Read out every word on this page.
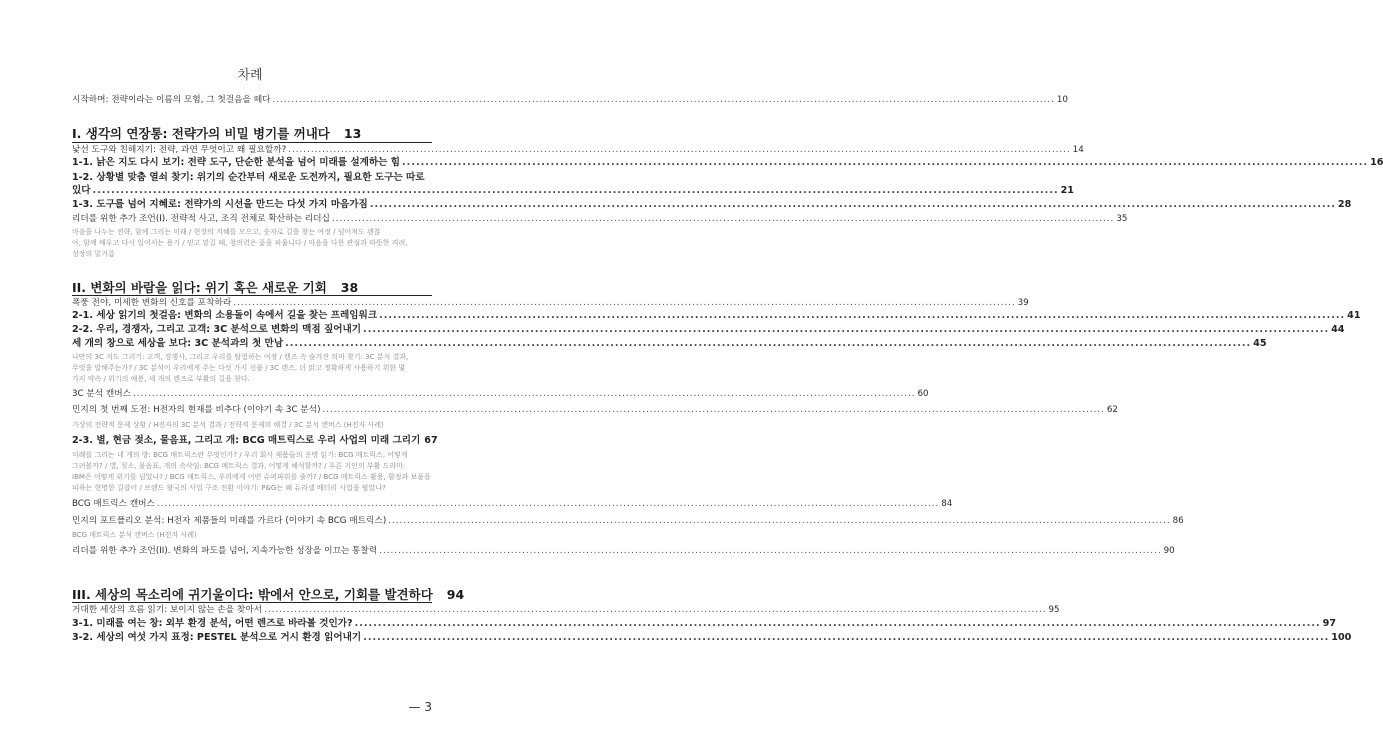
차례
시작하며: 전략이라는 이름의 모험, 그 첫걸음을 떼다 .....	10
I. 생각의 연장통: 전략가의 비밀 병기를 꺼내다 13
낯선 도구와 친해지기: 전략, 과연 무엇이고 왜 필요할까? .....	14
1-1. 낡은 지도 다시 보기: 전략 도구, 단순한 분석을 넘어 미래를 설계하는 힘 .....	16
1-2. 상황별 맞춤 열쇠 찾기: 위기의 순간부터 새로운 도전까지, 필요한 도구는 따로
있다 .....	21
1-3. 도구를 넘어 지혜로: 전략가의 시선을 만드는 다섯 가지 마음가짐 .....	28
리더를 위한 추가 조언(I). 전략적 사고, 조직 전체로 확산하는 리더십 .....	35
마음을 나누는 전략, 함께 그리는 미래 / 현장의 지혜를 모으고, 숫자로 길을 찾는 여정 / 넘어져도 괜찮
아, 함께 배우고 다시 일어서는 용기 / 믿고 맡길 때, 창의력은 꽃을 피웁니다 / 마음을 다한 관심과 따뜻한 격려,
성장의 밑거름
II. 변화의 바람을 읽다: 위기 혹은 새로운 기회 38
폭풍 전야, 미세한 변화의 신호를 포착하라 .....	39
2-1. 세상 읽기의 첫걸음: 변화의 소용돌이 속에서 길을 찾는 프레임워크 .....	41
2-2. 우리, 경쟁자, 그리고 고객: 3C 분석으로 변화의 맥점 짚어내기 .....	44
세 개의 창으로 세상을 보다: 3C 분석과의 첫 만남 .....	45
나만의 3C 지도 그리기: 고객, 경쟁사, 그리고 우리를 탐험하는 여정 / 렌즈 속 숨겨진 의미 찾기: 3C 분석 결과,
무엇을 말해주는가? / 3C 분석이 우리에게 주는 다섯 가지 선물 / 3C 렌즈, 더 맑고 정확하게 사용하기 위한 몇
가지 약속 / 위기의 예봉, 세 개의 렌즈로 부활의 길을 찾다.
3C 분석 캔버스 .....	60
민지의 첫 번째 도전: H전자의 현재를 비추다 (이야기 속 3C 분석) .....	62
가상의 전략적 문제 상황 / H전자의 3C 분석 결과 / 전략적 문제의 해결 / 3C 분석 캔버스 (H전자 사례)
2-3. 별, 현금 젖소, 물음표, 그리고 개: BCG 매트릭스로 우리 사업의 미래 그리기 67
미래를 그리는 네 개의 방: BCG 매트릭스란 무엇인가? / 우리 회사 제품들의 운명 읽기: BCG 매트릭스, 어떻게
그려볼까? / 별, 젖소, 물음표, 개의 속삭임: BCG 매트릭스 결과, 어떻게 해석할까? / 푸른 거인의 부활 드라마:
IBM은 어떻게 위기를 넘었나? / BCG 매트릭스, 우리에게 어떤 슈퍼파워를 줄까? / BCG 매트릭스 활용, 함정과 보물을
피하는 현명한 길잡이 / 브랜드 왕국의 사업 구조 전환 이야기: P&G는 왜 듀라셀 배터리 사업을 팔았나?
BCG 매트릭스 캔버스 .....	84
민지의 포트폴리오 분석: H전자 제품들의 미래를 가르다 (이야기 속 BCG 매트릭스) .....	86
BCG 매트릭스 분석 캔버스 (H전자 사례)
리더를 위한 추가 조언(II). 변화의 파도를 넘어, 지속가능한 성장을 이끄는 통찰력 .....	90
III. 세상의 목소리에 귀기울이다: 밖에서 안으로, 기회를 발견하다 94
거대한 세상의 흐름 읽기: 보이지 않는 손을 찾아서 .....	95
3-1. 미래를 여는 창: 외부 환경 분석, 어떤 렌즈로 바라볼 것인가? .....	97
3-2. 세상의 여섯 가지 표정: PESTEL 분석으로 거시 환경 읽어내기 .....	100
— 3
